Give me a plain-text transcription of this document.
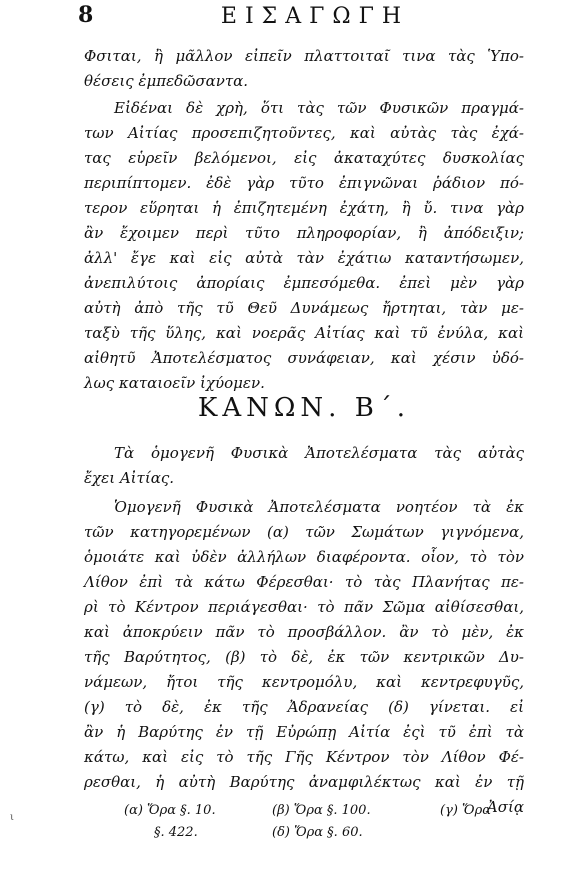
8	ΕΙΣΑΓΩΓΗ
Φσιται, ἢ μᾶλλον εἰπεῖν πλαττοιταῖ τινα τὰς Ὑπο-
θέσεις ἐμπεδῶσαντα.
Εἰδέναι δὲ χρὴ, ὅτι τὰς τῶν Φυσικῶν πραγμά-
των Αἰτίας προσεπιζητοῦντες, καὶ αὐτὰς τὰς ἐχά-
τας εὑρεῖν βελόμενοι, εἰς ἀκαταχύτες δυσκολίας
περιπίπτομεν. ἐδὲ γὰρ τῦτο ἐπιγνῶναι ῥάδιον πό-
τερον εὕρηται ἡ ἐπιζητεμένη ἐχάτη, ἢ ὔ. τινα γὰρ
ἂν ἔχοιμεν περὶ τῦτο πληροφορίαν, ἢ ἀπόδειξιν;
ἀλλ' ἔγε καὶ εἰς αὐτὰ τὰν ἐχάτιω καταντήσωμεν,
ἀνεπιλύτοις ἀπορίαις ἐμπεσόμεθα. ἐπεὶ μὲν γὰρ
αὐτὴ ἀπὸ τῆς τῦ Θεῦ Δυνάμεως ἤρτηται, τὰν με-
ταξὺ τῆς ὕλης, καὶ νοερᾶς Αἰτίας καὶ τῦ ἐνύλα, καὶ
αἰθητῦ Ἀποτελέσματος συνάφειαν, καὶ χέσιν ὐδό-
λως καταιοεῖν ἰχύομεν.
ΚΑΝΩΝ. Β΄.
Τὰ ὁμογενῆ Φυσικὰ Ἀποτελέσματα τὰς αὐτὰς
ἔχει Αἰτίας.
Ὁμογενῆ Φυσικὰ Ἀποτελέσματα νοητέον τὰ ἐκ
τῶν κατηγορεμένων (α) τῶν Σωμάτων γιγνόμενα,
ὁμοιάτε καὶ ὐδὲν ἀλλήλων διαφέροντα. οἷον, τὸ τὸν
Λίθον ἐπὶ τὰ κάτω Φέρεσθαι· τὸ τὰς Πλανήτας πε-
ρὶ τὸ Κέντρον περιάγεσθαι· τὸ πᾶν Σῶμα αἰθίσεσθαι,
καὶ ἀποκρύειν πᾶν τὸ προσβάλλον. ἂν τὸ μὲν, ἐκ
τῆς Βαρύτητος, (β) τὸ δὲ, ἐκ τῶν κεντρικῶν Δυ-
νάμεων, ἤτοι τῆς κεντρομόλυ, καὶ κεντρεφυγῦς,
(γ) τὸ δὲ, ἐκ τῆς Ἀδρανείας (δ) γίνεται. εἰ
ἂν ἡ Βαρύτης ἐν τῇ Εὐρώπῃ Αἰτία ἐςὶ τῦ ἐπὶ τὰ
κάτω, καὶ εἰς τὸ τῆς Γῆς Κέντρον τὸν Λίθον Φέ-
ρεσθαι, ἡ αὐτὴ Βαρύτης ἀναμφιλέκτως καὶ ἐν τῇ
Ἀσίᾳ
(α) Ὅρα §. 10.	(β) Ὅρα §. 100.	(γ) Ὅρα
§. 422.	(δ) Ὅρα §. 60.
ι
